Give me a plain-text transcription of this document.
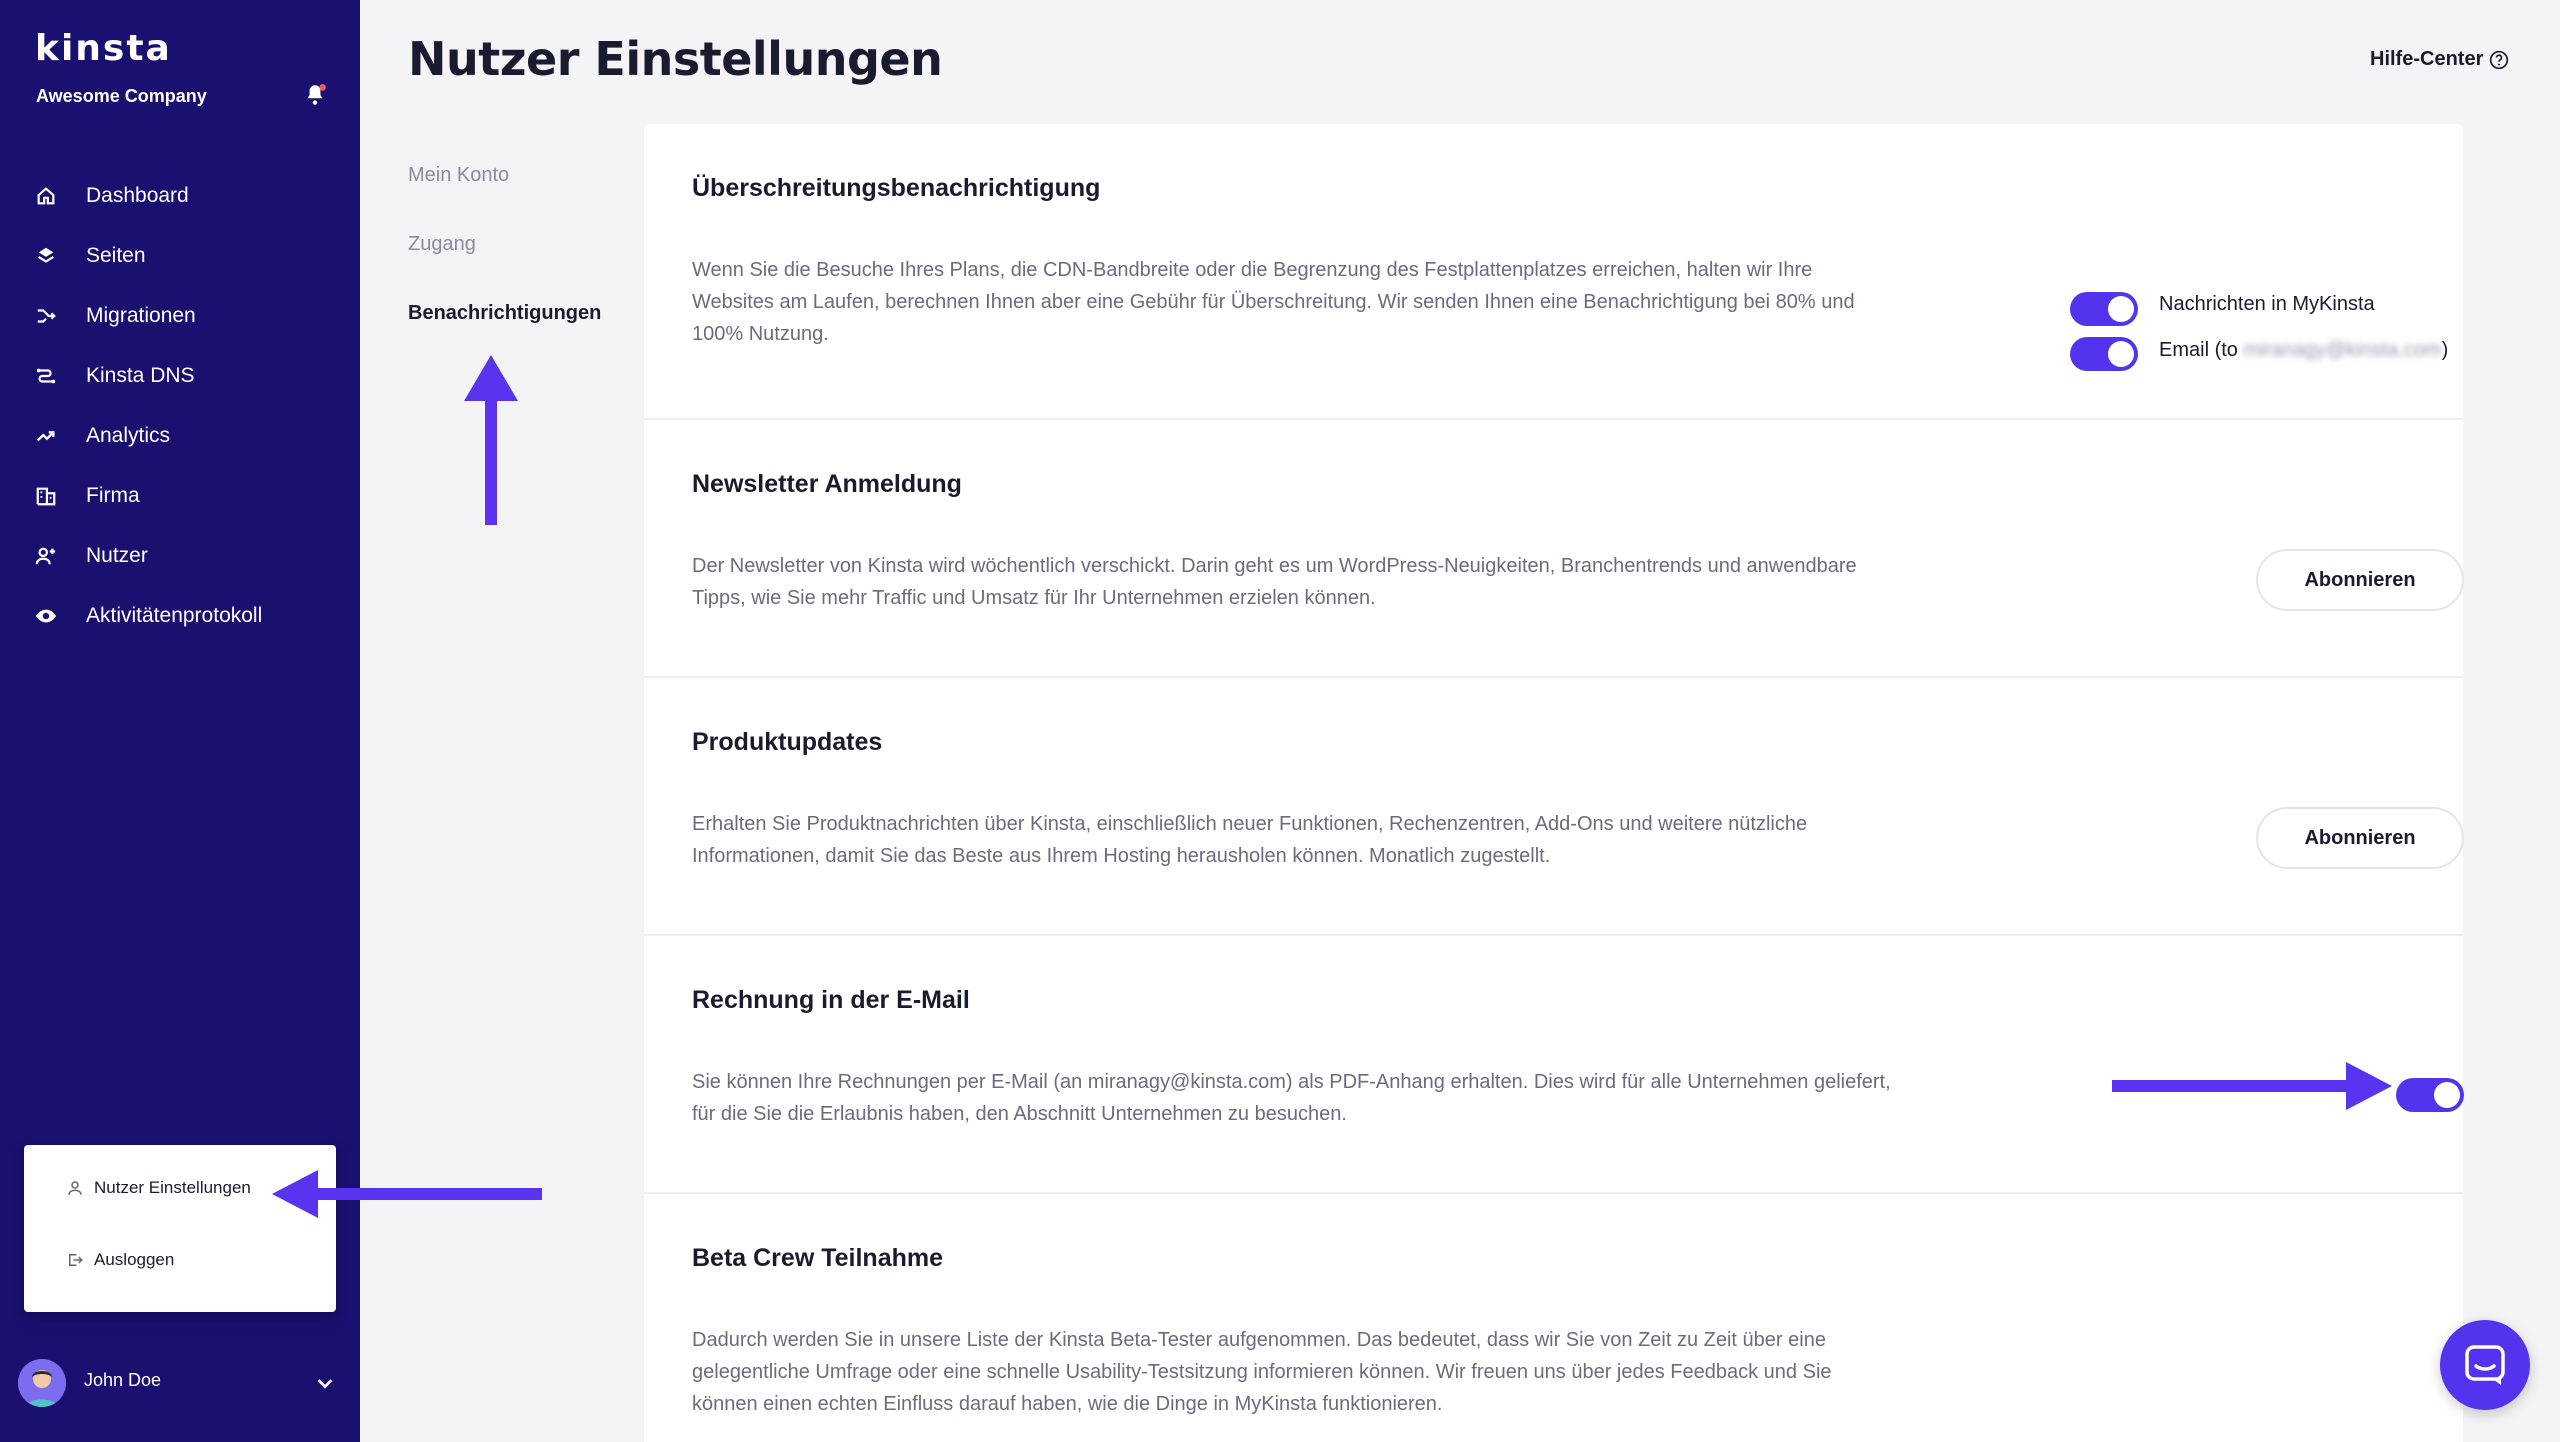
kinsta
Awesome Company
Dashboard
Seiten
Migrationen
Kinsta DNS
Analytics
Firma
Nutzer
Aktivitätenprotokoll
Nutzer Einstellungen
Ausloggen
John Doe
Nutzer Einstellungen	Hilfe-Center
Mein Konto
Zugang
Benachrichtigungen
Überschreitungsbenachrichtigung

Wenn Sie die Besuche Ihres Plans, die CDN-Bandbreite oder die Begrenzung des Festplattenplatzes erreichen, halten wir Ihre Websites am Laufen, berechnen Ihnen aber eine Gebühr für Überschreitung. Wir senden Ihnen eine Benachrichtigung bei 80% und 100% Nutzung.

Nachrichten in MyKinsta
Email (to miranagy@kinsta.com)
Newsletter Anmeldung

Der Newsletter von Kinsta wird wöchentlich verschickt. Darin geht es um WordPress-Neuigkeiten, Branchentrends und anwendbare Tipps, wie Sie mehr Traffic und Umsatz für Ihr Unternehmen erzielen können.

Abonnieren
Produktupdates

Erhalten Sie Produktnachrichten über Kinsta, einschließlich neuer Funktionen, Rechenzentren, Add-Ons und weitere nützliche Informationen, damit Sie das Beste aus Ihrem Hosting herausholen können. Monatlich zugestellt.

Abonnieren
Rechnung in der E-Mail

Sie können Ihre Rechnungen per E-Mail (an miranagy@kinsta.com) als PDF-Anhang erhalten. Dies wird für alle Unternehmen geliefert, für die Sie die Erlaubnis haben, den Abschnitt Unternehmen zu besuchen.

Beta Crew Teilnahme

Dadurch werden Sie in unsere Liste der Kinsta Beta-Tester aufgenommen. Das bedeutet, dass wir Sie von Zeit zu Zeit über eine gelegentliche Umfrage oder eine schnelle Usability-Testsitzung informieren können. Wir freuen uns über jedes Feedback und Sie können einen echten Einfluss darauf haben, wie die Dinge in MyKinsta funktionieren.
